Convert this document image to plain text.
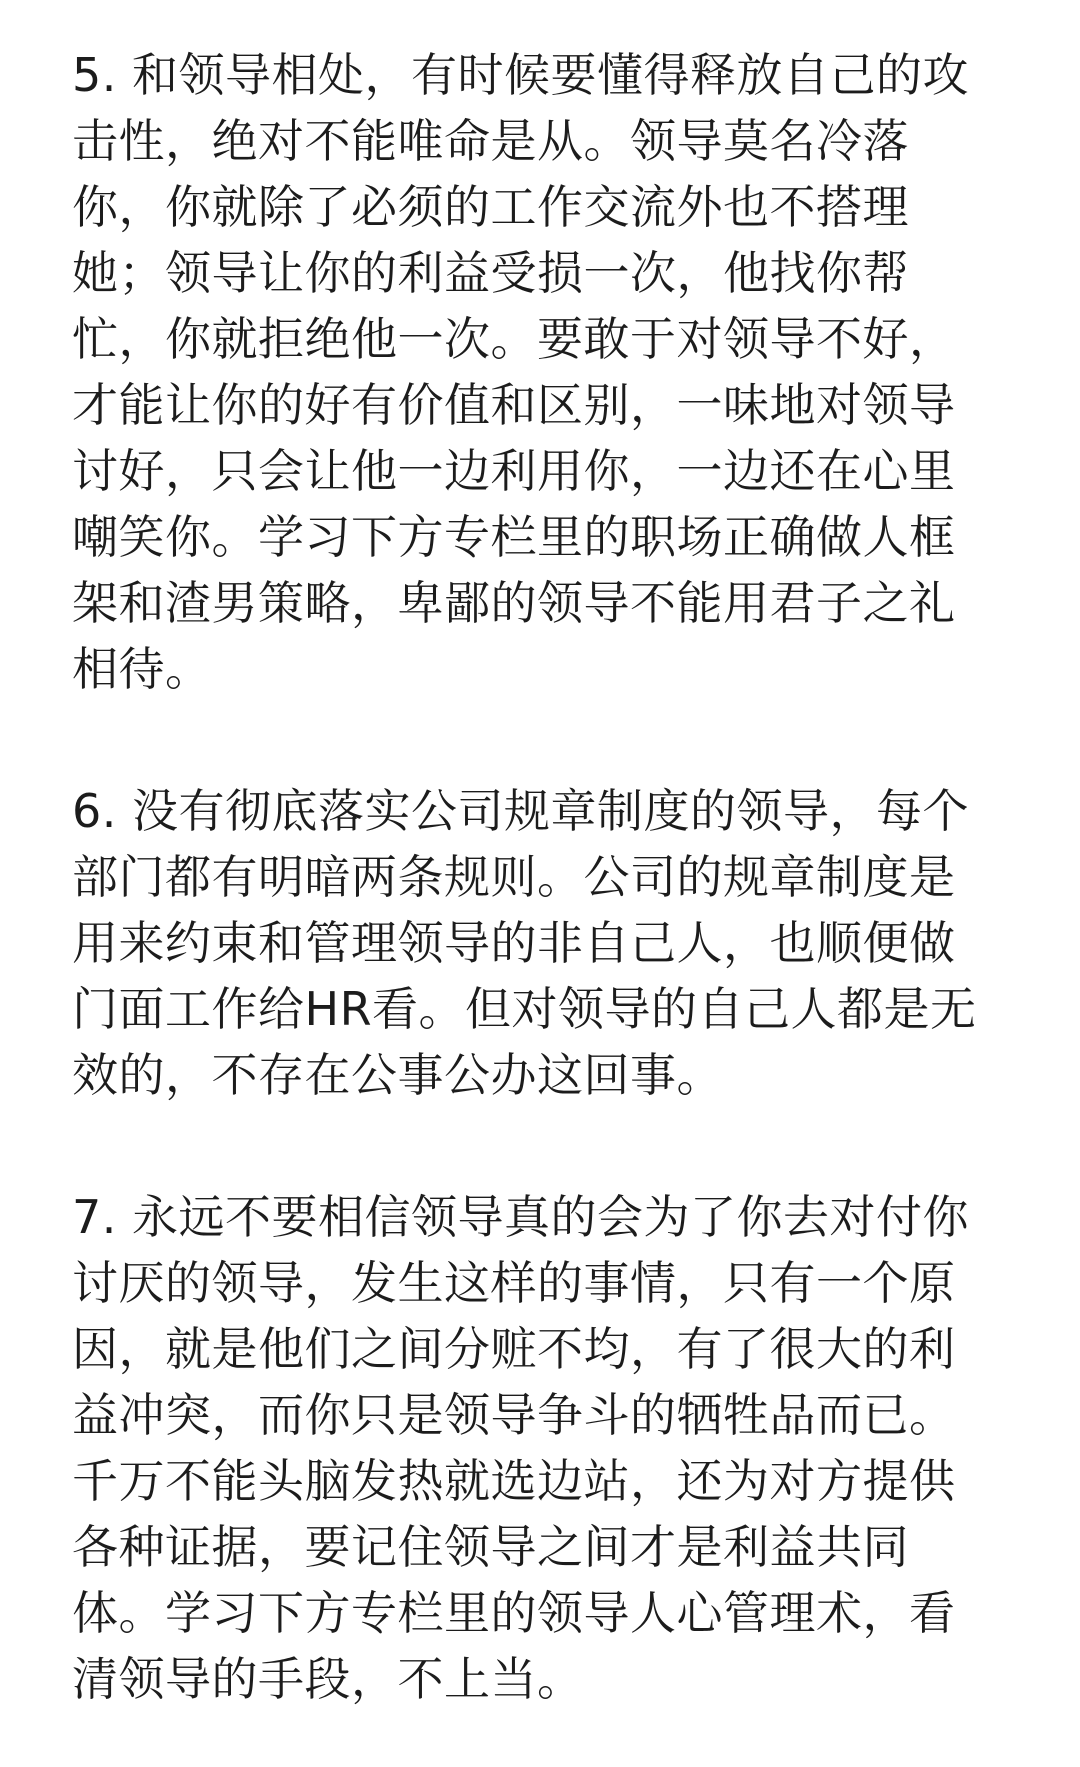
5. 和领导相处，有时候要懂得释放自己的攻
击性，绝对不能唯命是从。领导莫名冷落
你，你就除了必须的工作交流外也不搭理
她；领导让你的利益受损一次，他找你帮
忙，你就拒绝他一次。要敢于对领导不好，
才能让你的好有价值和区别，一味地对领导
讨好，只会让他一边利用你，一边还在心里
嘲笑你。学习下方专栏里的职场正确做人框
架和渣男策略，卑鄙的领导不能用君子之礼
相待。
6. 没有彻底落实公司规章制度的领导，每个
部门都有明暗两条规则。公司的规章制度是
用来约束和管理领导的非自己人，也顺便做
门面工作给HR看。但对领导的自己人都是无
效的，不存在公事公办这回事。
7. 永远不要相信领导真的会为了你去对付你
讨厌的领导，发生这样的事情，只有一个原
因，就是他们之间分赃不均，有了很大的利
益冲突，而你只是领导争斗的牺牲品而已。
千万不能头脑发热就选边站，还为对方提供
各种证据，要记住领导之间才是利益共同
体。学习下方专栏里的领导人心管理术，看
清领导的手段，不上当。
